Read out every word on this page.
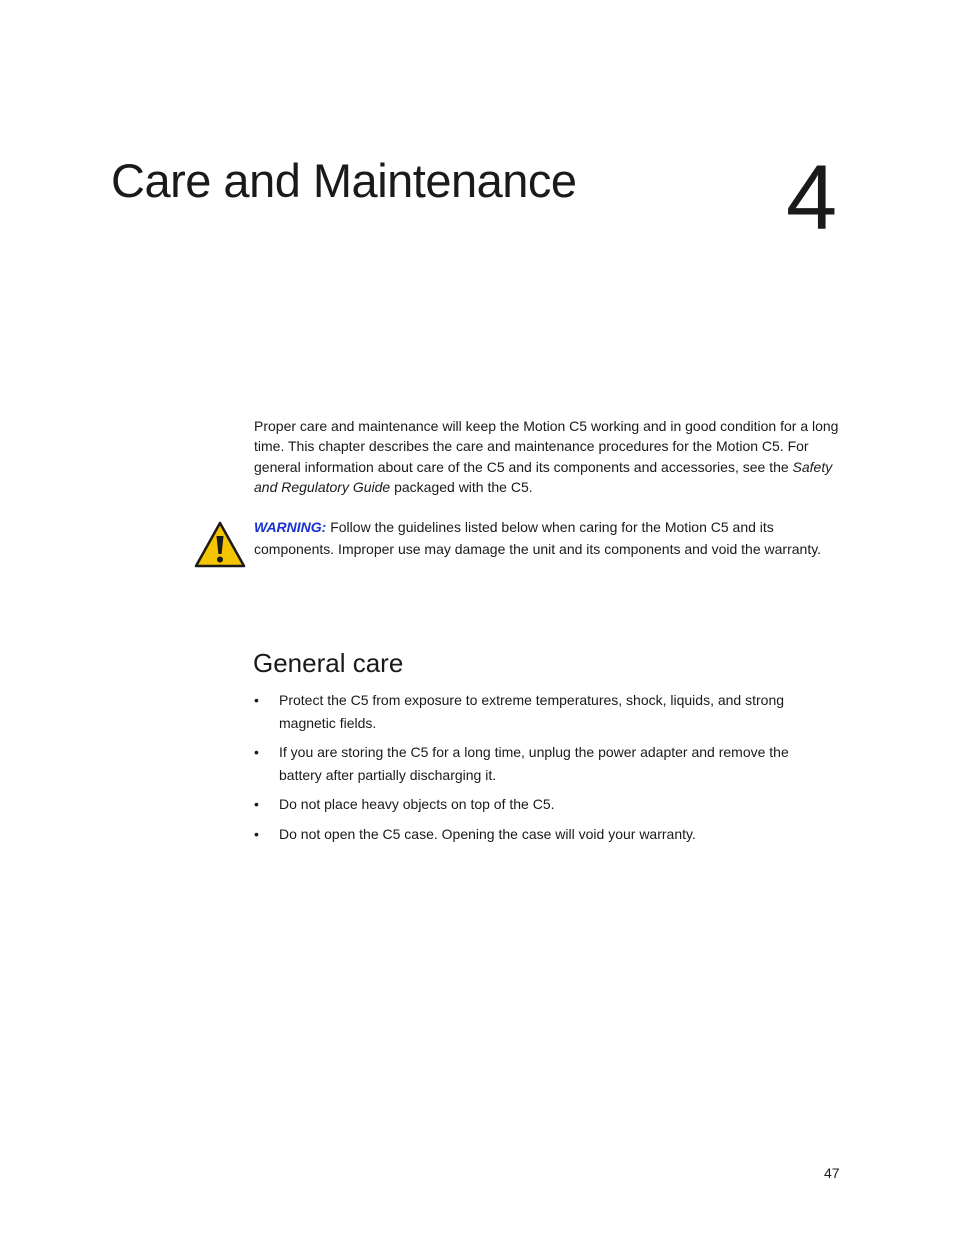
Care and Maintenance 4

Proper care and maintenance will keep the Motion C5 working and in good condition for a long time. This chapter describes the care and maintenance procedures for the Motion C5. For general information about care of the C5 and its components and accessories, see the Safety and Regulatory Guide packaged with the C5.

WARNING: Follow the guidelines listed below when caring for the Motion C5 and its components. Improper use may damage the unit and its components and void the warranty.

General care
• Protect the C5 from exposure to extreme temperatures, shock, liquids, and strong magnetic fields.
• If you are storing the C5 for a long time, unplug the power adapter and remove the battery after partially discharging it.
• Do not place heavy objects on top of the C5.
• Do not open the C5 case. Opening the case will void your warranty.
47
